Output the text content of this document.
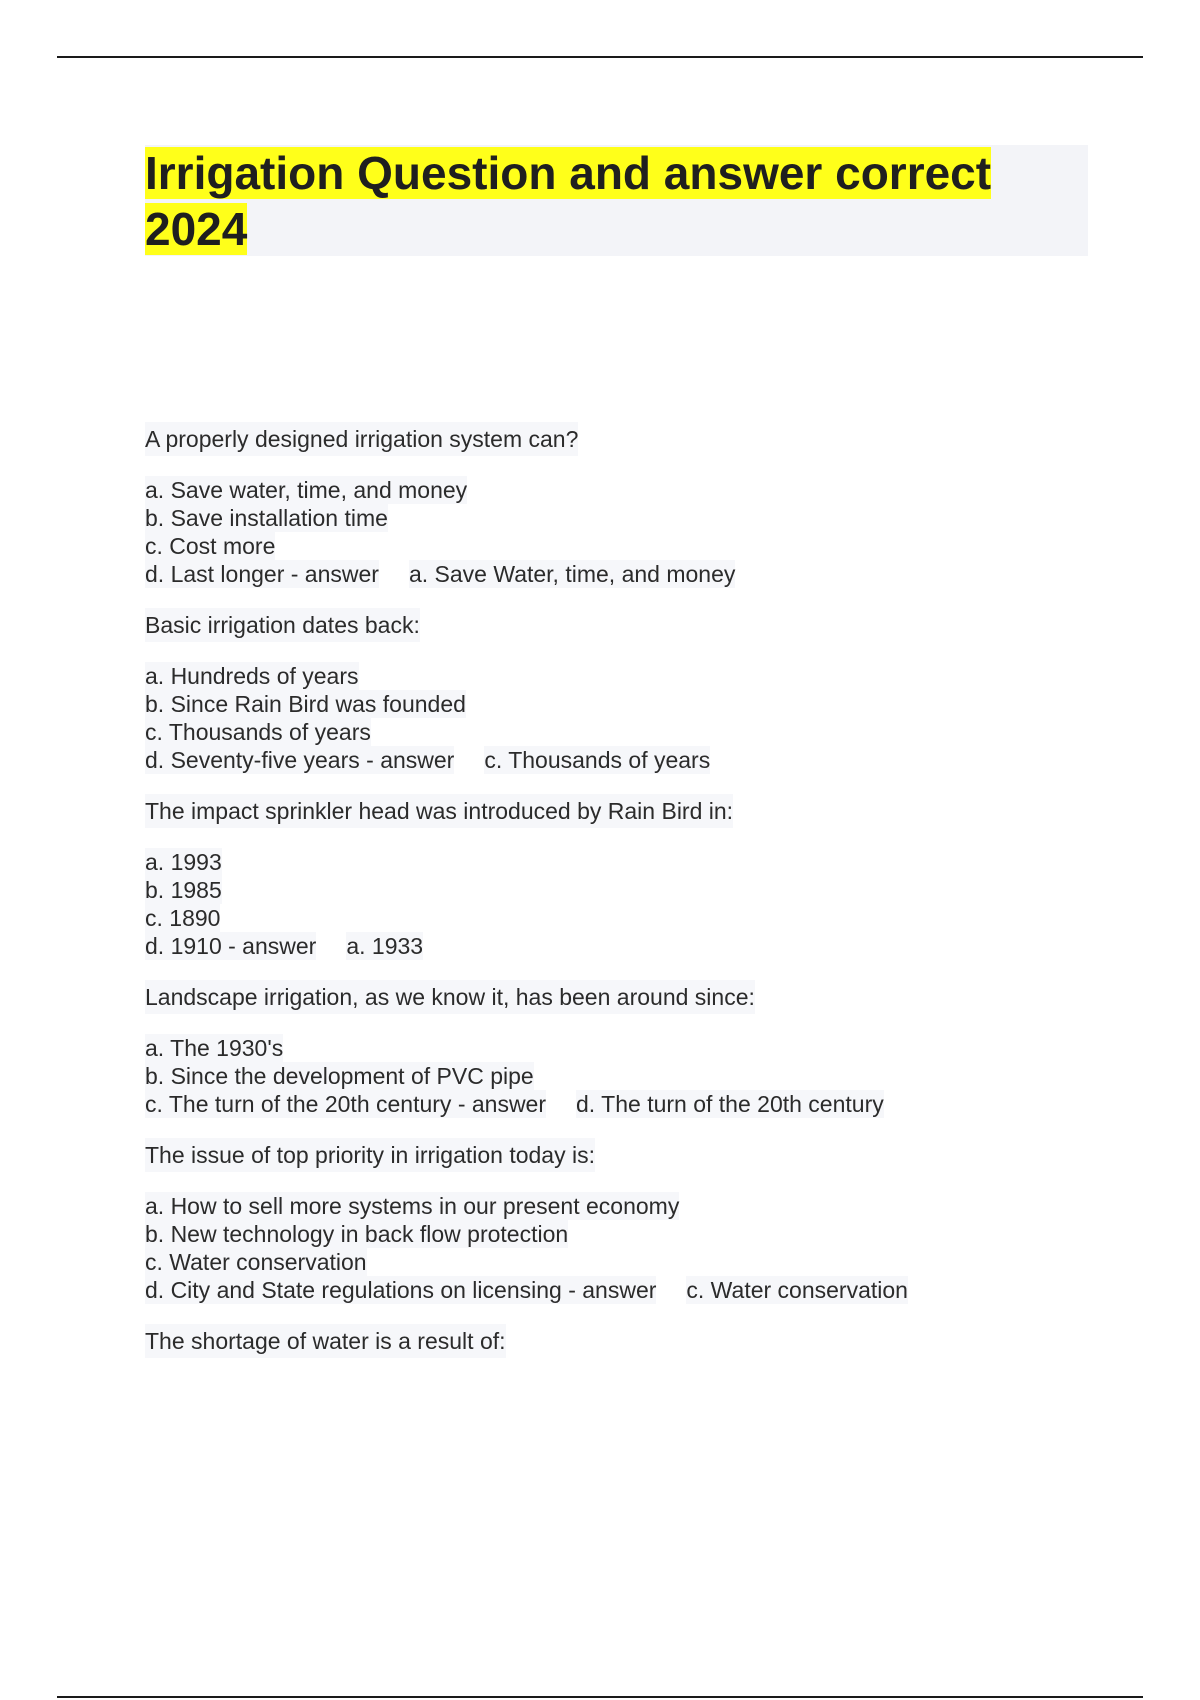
Irrigation Question and answer correct 2024

A properly designed irrigation system can?

a. Save water, time, and money
b. Save installation time
c. Cost more
d. Last longer - answer a. Save Water, time, and money

Basic irrigation dates back:

a. Hundreds of years
b. Since Rain Bird was founded
c. Thousands of years
d. Seventy-five years - answer c. Thousands of years

The impact sprinkler head was introduced by Rain Bird in:

a. 1993
b. 1985
c. 1890
d. 1910 - answer a. 1933

Landscape irrigation, as we know it, has been around since:

a. The 1930's
b. Since the development of PVC pipe
c. The turn of the 20th century - answer d. The turn of the 20th century

The issue of top priority in irrigation today is:

a. How to sell more systems in our present economy
b. New technology in back flow protection
c. Water conservation
d. City and State regulations on licensing - answer c. Water conservation

The shortage of water is a result of:
